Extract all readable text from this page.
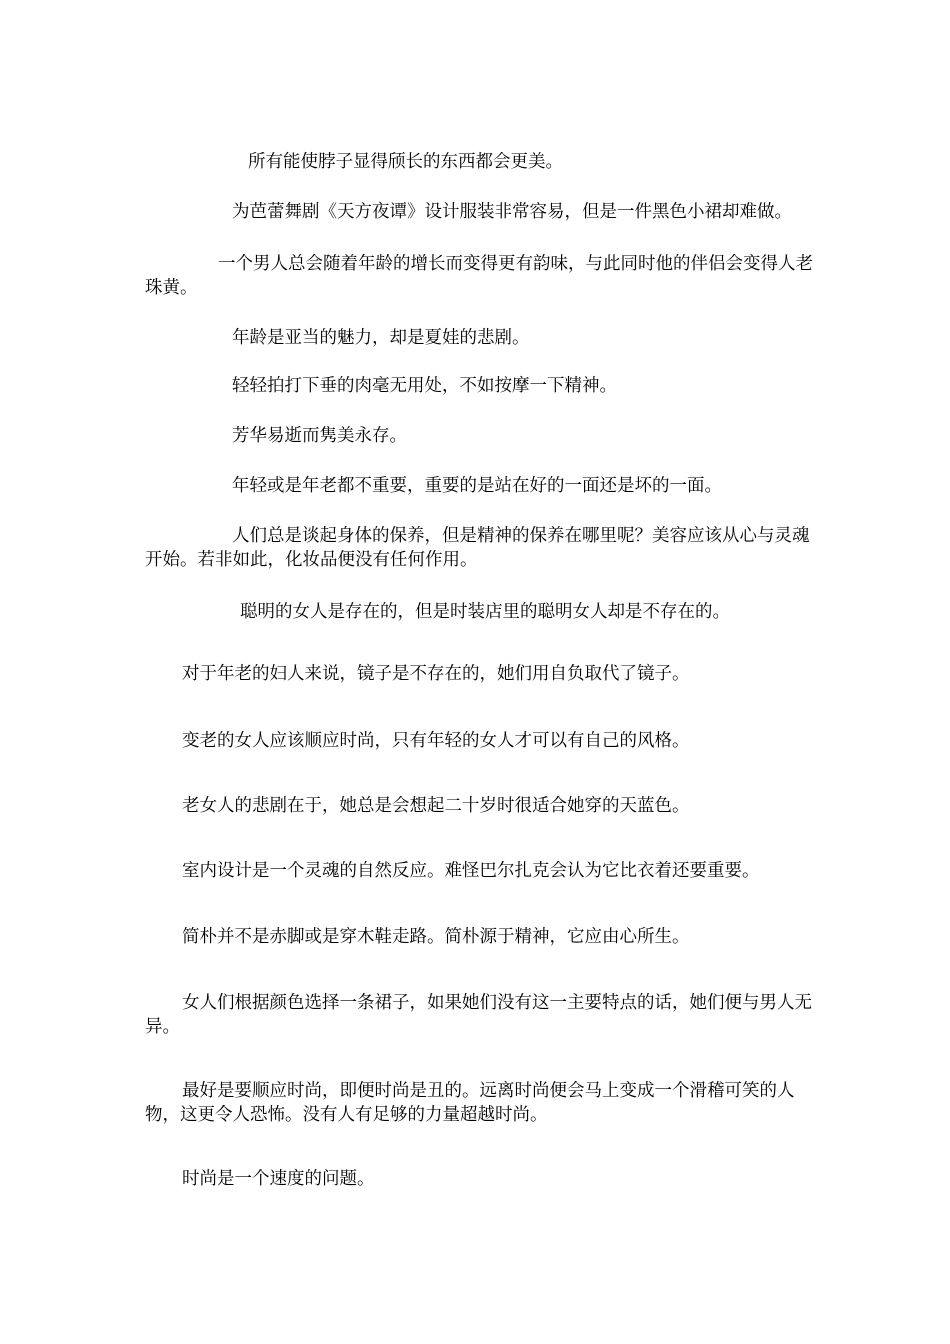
所有能使脖子显得颀长的东西都会更美。

为芭蕾舞剧《天方夜谭》设计服装非常容易，但是一件黑色小裙却难做。

一个男人总会随着年龄的增长而变得更有韵味，与此同时他的伴侣会变得人老珠黄。

年龄是亚当的魅力，却是夏娃的悲剧。

轻轻拍打下垂的肉毫无用处，不如按摩一下精神。

芳华易逝而隽美永存。

年轻或是年老都不重要，重要的是站在好的一面还是坏的一面。

人们总是谈起身体的保养，但是精神的保养在哪里呢？美容应该从心与灵魂开始。若非如此，化妆品便没有任何作用。

聪明的女人是存在的，但是时装店里的聪明女人却是不存在的。

对于年老的妇人来说，镜子是不存在的，她们用自负取代了镜子。

变老的女人应该顺应时尚，只有年轻的女人才可以有自己的风格。

老女人的悲剧在于，她总是会想起二十岁时很适合她穿的天蓝色。

室内设计是一个灵魂的自然反应。难怪巴尔扎克会认为它比衣着还要重要。

简朴并不是赤脚或是穿木鞋走路。简朴源于精神，它应由心所生。

女人们根据颜色选择一条裙子，如果她们没有这一主要特点的话，她们便与男人无异。

最好是要顺应时尚，即便时尚是丑的。远离时尚便会马上变成一个滑稽可笑的人物，这更令人恐怖。没有人有足够的力量超越时尚。

时尚是一个速度的问题。
